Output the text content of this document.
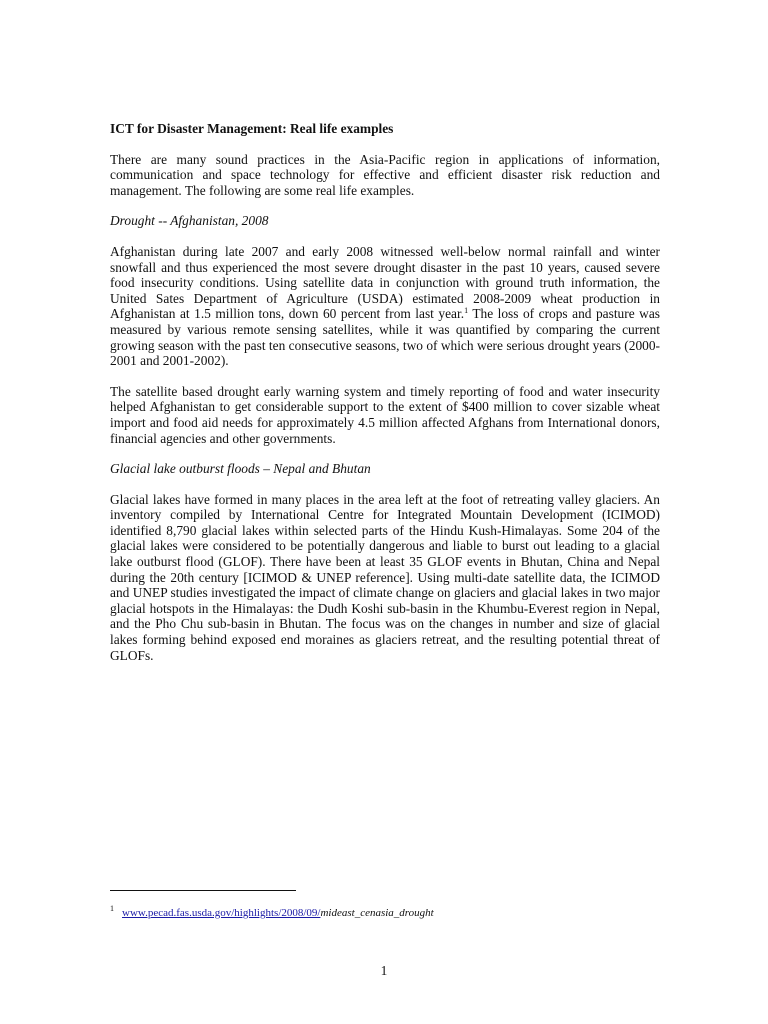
ICT for Disaster Management: Real life examples

There are many sound practices in the Asia-Pacific region in applications of information, communication and space technology for effective and efficient disaster risk reduction and management. The following are some real life examples.

Drought -- Afghanistan, 2008

Afghanistan during late 2007 and early 2008 witnessed well-below normal rainfall and winter snowfall and thus experienced the most severe drought disaster in the past 10 years, caused severe food insecurity conditions. Using satellite data in conjunction with ground truth information, the United Sates Department of Agriculture (USDA) estimated 2008-2009 wheat production in Afghanistan at 1.5 million tons, down 60 percent from last year.$^1$ The loss of crops and pasture was measured by various remote sensing satellites, while it was quantified by comparing the current growing season with the past ten consecutive seasons, two of which were serious drought years (2000-2001 and 2001-2002).

The satellite based drought early warning system and timely reporting of food and water insecurity helped Afghanistan to get considerable support to the extent of $400 million to cover sizable wheat import and food aid needs for approximately 4.5 million affected Afghans from International donors, financial agencies and other governments.

Glacial lake outburst floods – Nepal and Bhutan

Glacial lakes have formed in many places in the area left at the foot of retreating valley glaciers. An inventory compiled by International Centre for Integrated Mountain Development (ICIMOD) identified 8,790 glacial lakes within selected parts of the Hindu Kush-Himalayas. Some 204 of the glacial lakes were considered to be potentially dangerous and liable to burst out leading to a glacial lake outburst flood (GLOF). There have been at least 35 GLOF events in Bhutan, China and Nepal during the 20th century [ICIMOD & UNEP reference]. Using multi-date satellite data, the ICIMOD and UNEP studies investigated the impact of climate change on glaciers and glacial lakes in two major glacial hotspots in the Himalayas: the Dudh Koshi sub-basin in the Khumbu-Everest region in Nepal, and the Pho Chu sub-basin in Bhutan. The focus was on the changes in number and size of glacial lakes forming behind exposed end moraines as glaciers retreat, and the resulting potential threat of GLOFs.

$^1$ www.pecad.fas.usda.gov/highlights/2008/09/mideast_cenasia_drought
1
